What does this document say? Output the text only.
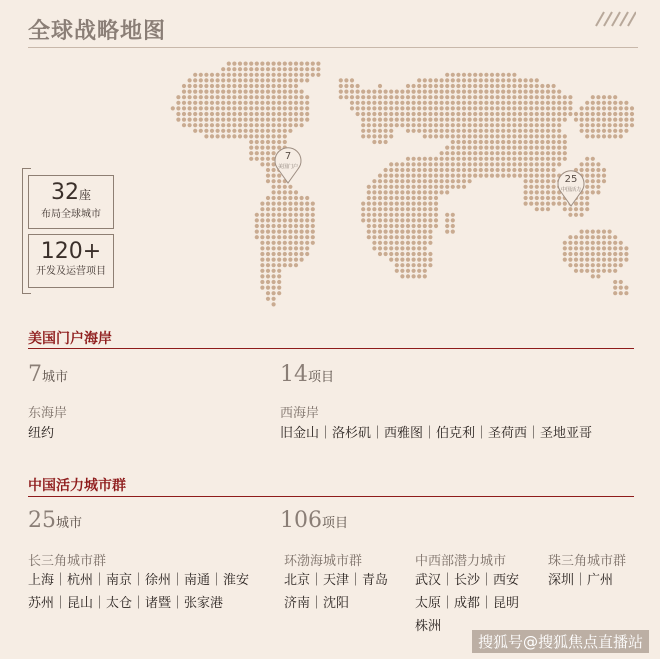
全球战略地图
7
美国门户
25
中国活力
32座
布局全球城市
120+
开发及运营项目
美国门户海岸
7城市	14项目
东海岸
纽约
西海岸
旧金山｜洛杉矶｜西雅图｜伯克利｜圣荷西｜圣地亚哥
中国活力城市群
25城市	106项目
长三角城市群
上海｜杭州｜南京｜徐州｜南通｜淮安
苏州｜昆山｜太仓｜诸暨｜张家港
环渤海城市群
北京｜天津｜青岛
济南｜沈阳
中西部潜力城市
武汉｜长沙｜西安
太原｜成都｜昆明
株洲
珠三角城市群
深圳｜广州
搜狐号@搜狐焦点直播站
